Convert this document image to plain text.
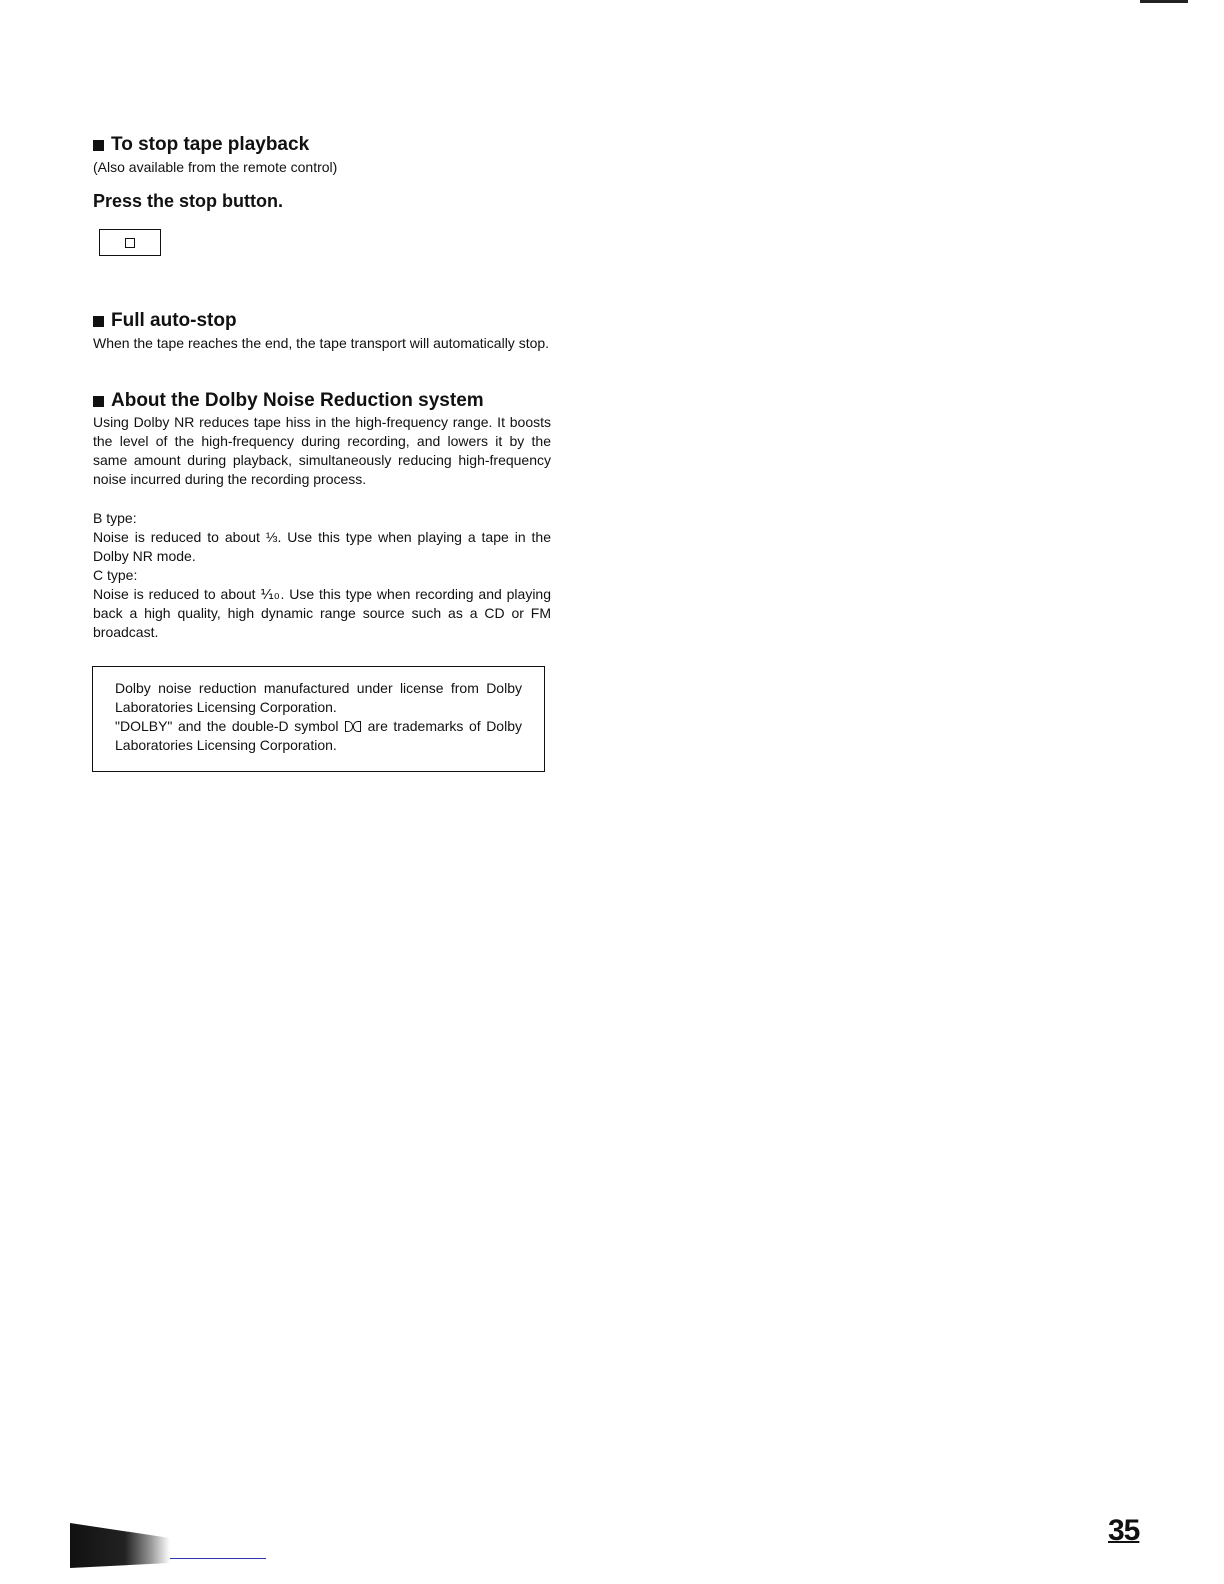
To stop tape playback

(Also available from the remote control)

Press the stop button.

Full auto-stop

When the tape reaches the end, the tape transport will automatically stop.

About the Dolby Noise Reduction system

Using Dolby NR reduces tape hiss in the high-frequency range. It boosts the level of the high-frequency during recording, and lowers it by the same amount during playback, simultaneously reducing high-frequency noise incurred during the recording process.

B type:

Noise is reduced to about ⅓. Use this type when playing a tape in the Dolby NR mode.

C type:

Noise is reduced to about ⅒. Use this type when recording and playing back a high quality, high dynamic range source such as a CD or FM broadcast.

Dolby noise reduction manufactured under license from Dolby Laboratories Licensing Corporation.
"DOLBY" and the double-D symbol are trademarks of Dolby Laboratories Licensing Corporation.
35
